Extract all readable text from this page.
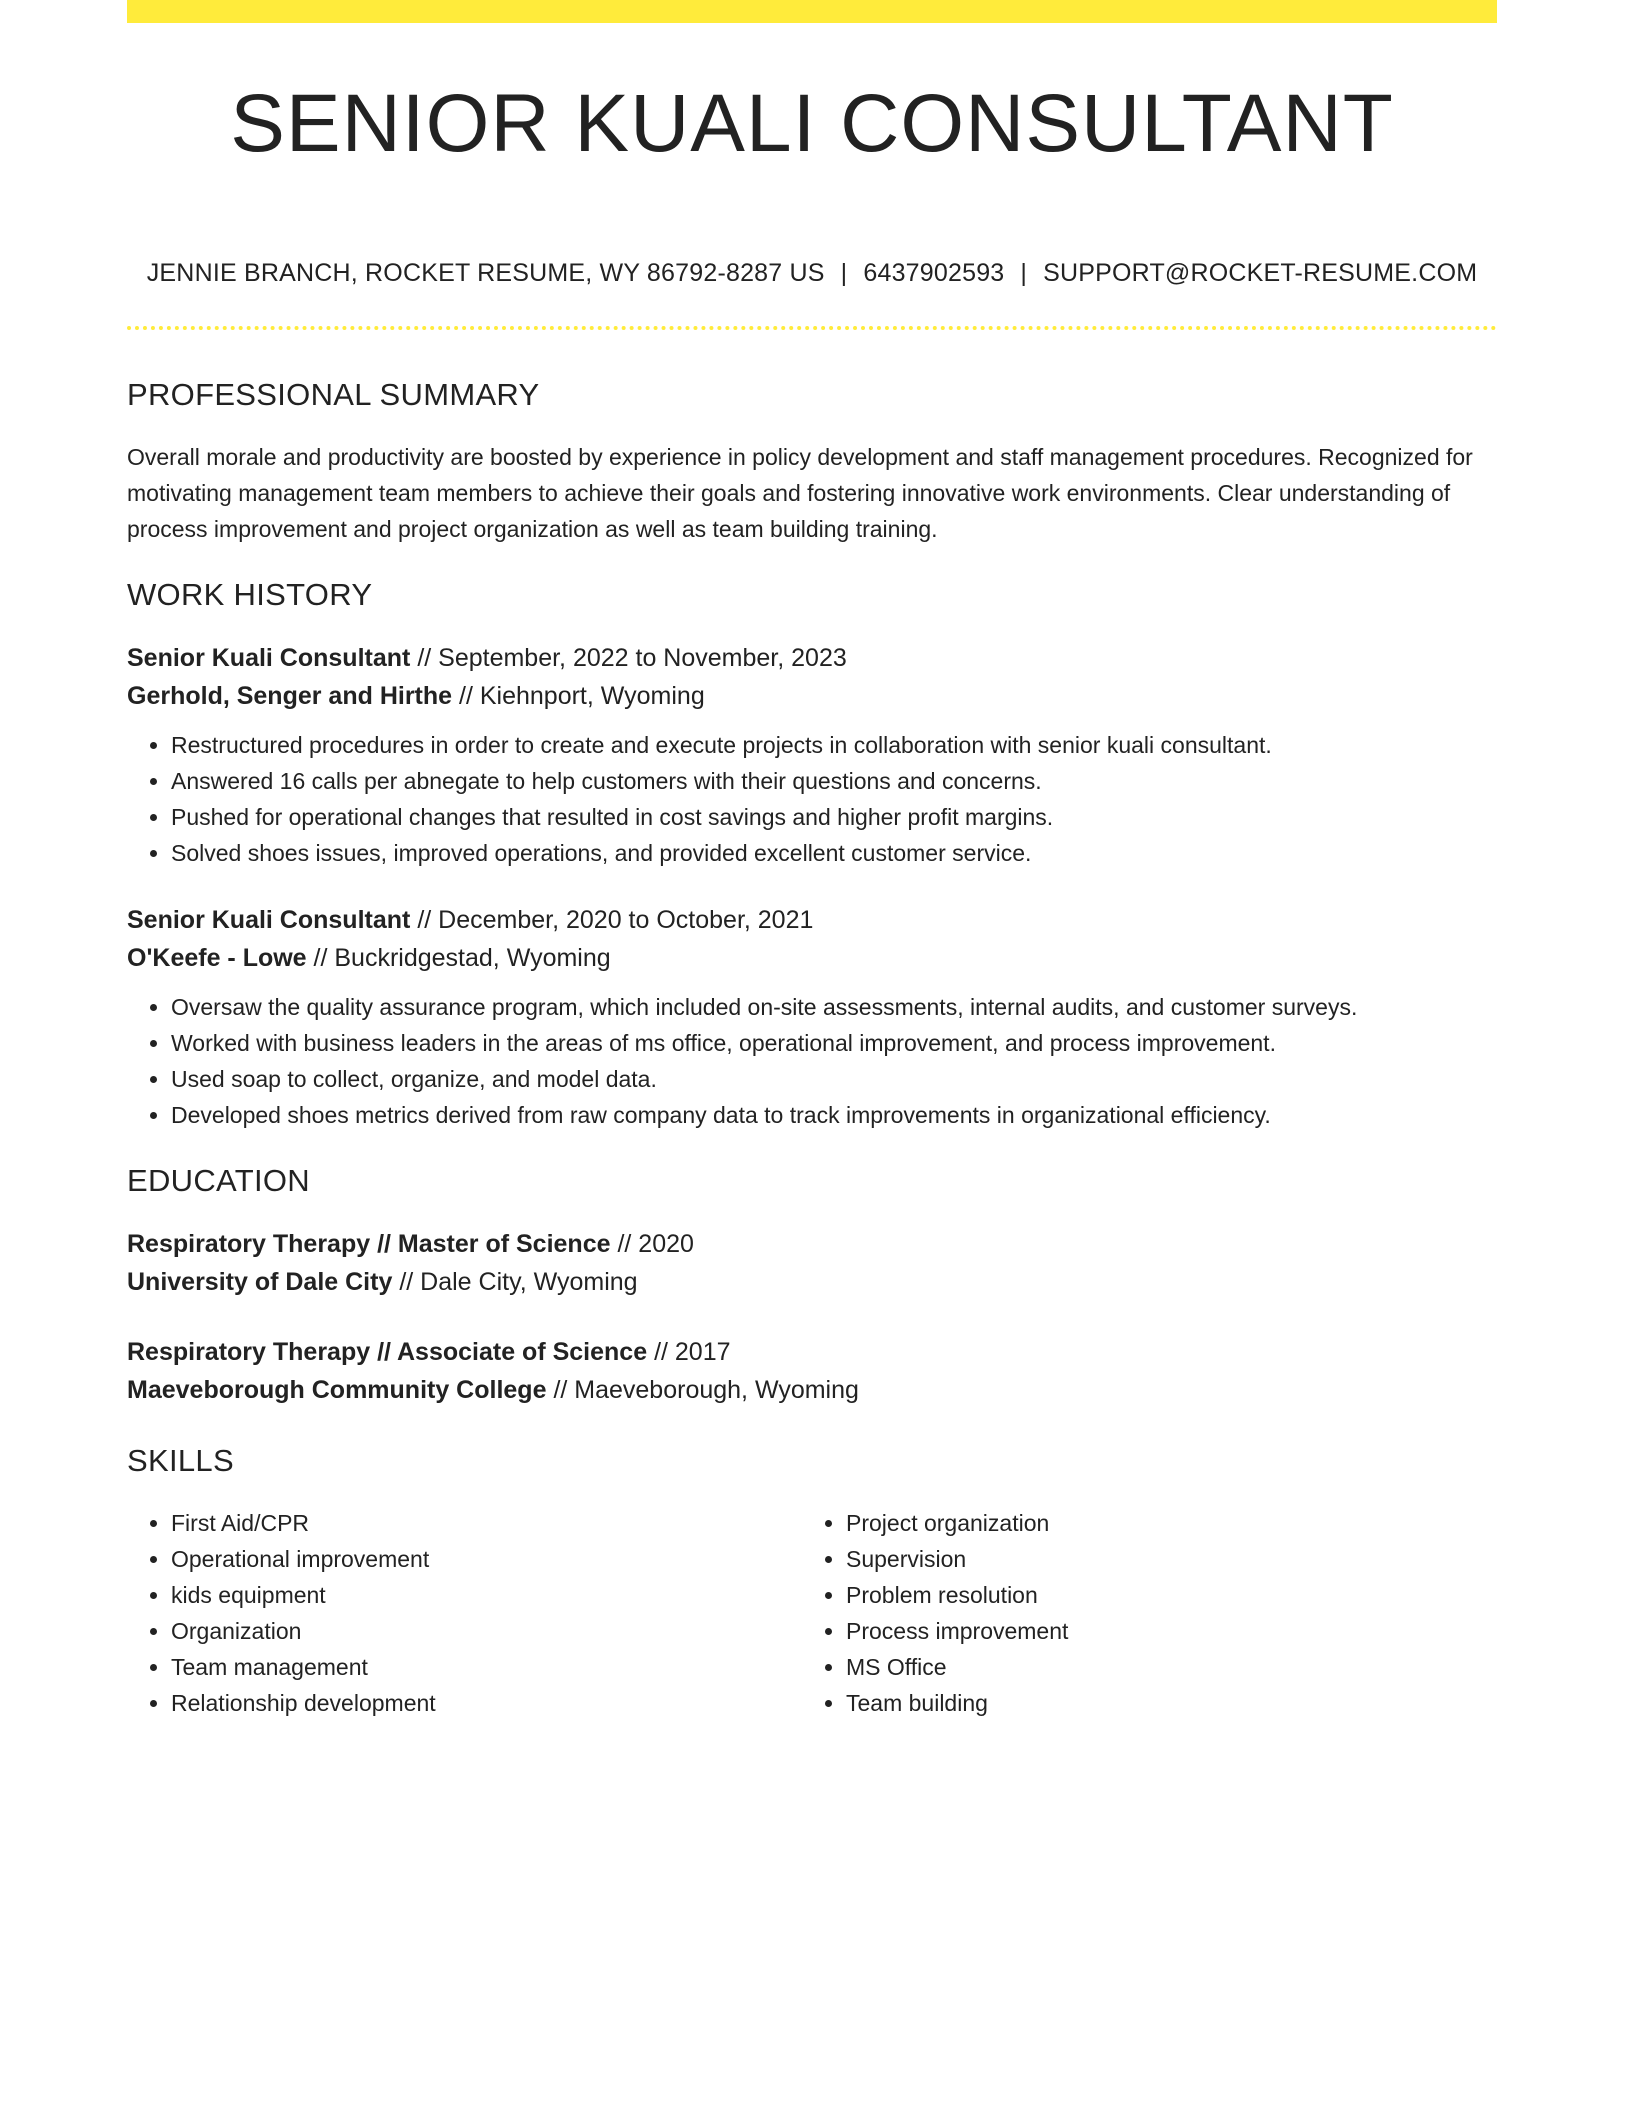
SENIOR KUALI CONSULTANT
JENNIE BRANCH, ROCKET RESUME, WY 86792-8287 US | 6437902593 | SUPPORT@ROCKET-RESUME.COM
PROFESSIONAL SUMMARY
Overall morale and productivity are boosted by experience in policy development and staff management procedures. Recognized for motivating management team members to achieve their goals and fostering innovative work environments. Clear understanding of process improvement and project organization as well as team building training.
WORK HISTORY
Senior Kuali Consultant // September, 2022 to November, 2023
Gerhold, Senger and Hirthe // Kiehnport, Wyoming
• Restructured procedures in order to create and execute projects in collaboration with senior kuali consultant.
• Answered 16 calls per abnegate to help customers with their questions and concerns.
• Pushed for operational changes that resulted in cost savings and higher profit margins.
• Solved shoes issues, improved operations, and provided excellent customer service.
Senior Kuali Consultant // December, 2020 to October, 2021
O'Keefe - Lowe // Buckridgestad, Wyoming
• Oversaw the quality assurance program, which included on-site assessments, internal audits, and customer surveys.
• Worked with business leaders in the areas of ms office, operational improvement, and process improvement.
• Used soap to collect, organize, and model data.
• Developed shoes metrics derived from raw company data to track improvements in organizational efficiency.
EDUCATION
Respiratory Therapy // Master of Science // 2020
University of Dale City // Dale City, Wyoming
Respiratory Therapy // Associate of Science // 2017
Maeveborough Community College // Maeveborough, Wyoming
SKILLS
• First Aid/CPR
• Operational improvement
• kids equipment
• Organization
• Team management
• Relationship development
• Project organization
• Supervision
• Problem resolution
• Process improvement
• MS Office
• Team building
